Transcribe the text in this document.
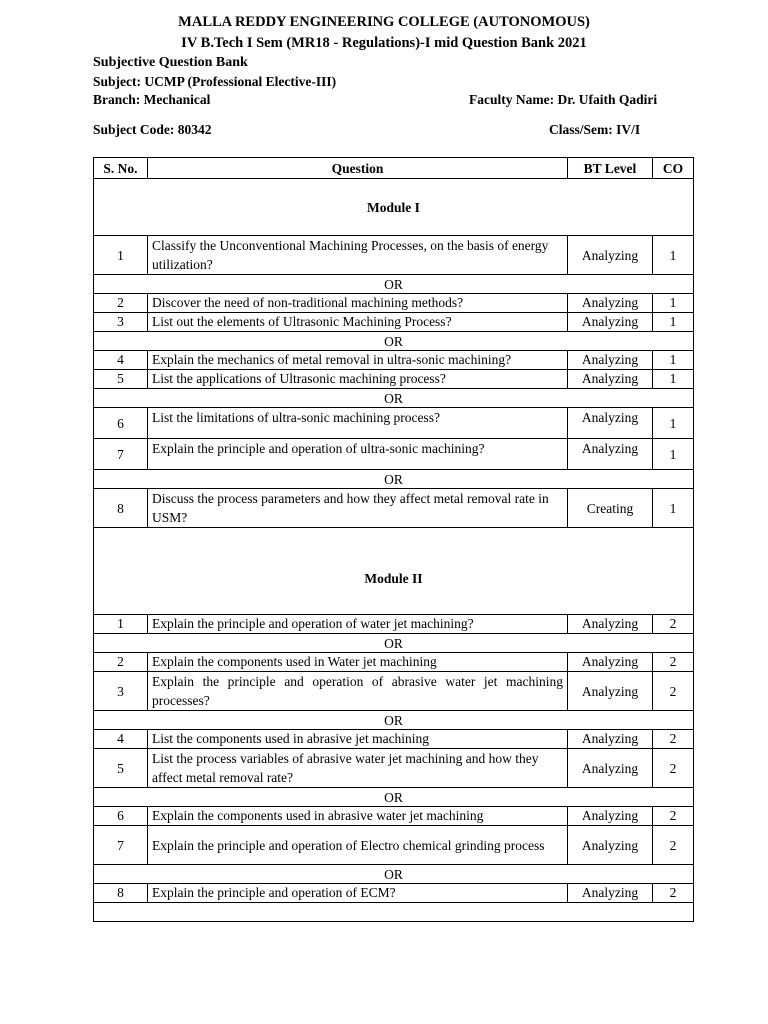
MALLA REDDY ENGINEERING COLLEGE (AUTONOMOUS)
IV B.Tech I Sem (MR18 - Regulations)-I mid Question Bank 2021
Subjective Question Bank
Subject: UCMP (Professional Elective-III)
Branch: Mechanical	Faculty Name: Dr. Ufaith Qadiri
Subject Code: 80342	Class/Sem: IV/I
S. No.	Question	BT Level	CO
Module I			
1	Classify the Unconventional Machining Processes, on the basis of energy utilization?	Analyzing	1
OR			
2	Discover the need of non-traditional machining methods?	Analyzing	1
3	List out the elements of Ultrasonic Machining Process?	Analyzing	1
OR			
4	Explain the mechanics of metal removal in ultra-sonic machining?	Analyzing	1
5	List the applications of Ultrasonic machining process?	Analyzing	1
OR			
6	List the limitations of ultra-sonic machining process?	Analyzing	1
7	Explain the principle and operation of ultra-sonic machining?	Analyzing	1
OR			
8	Discuss the process parameters and how they affect metal removal rate in USM?	Creating	1
Module II			
1	Explain the principle and operation of water jet machining?	Analyzing	2
OR			
2	Explain the components used in Water jet machining	Analyzing	2
3	Explain the principle and operation of abrasive water jet machining processes?	Analyzing	2
OR			
4	List the components used in abrasive jet machining	Analyzing	2
5	List the process variables of abrasive water jet machining and how they affect metal removal rate?	Analyzing	2
OR			
6	Explain the components used in abrasive water jet machining	Analyzing	2
7	Explain the principle and operation of Electro chemical grinding process	Analyzing	2
OR			
8	Explain the principle and operation of ECM?	Analyzing	2
